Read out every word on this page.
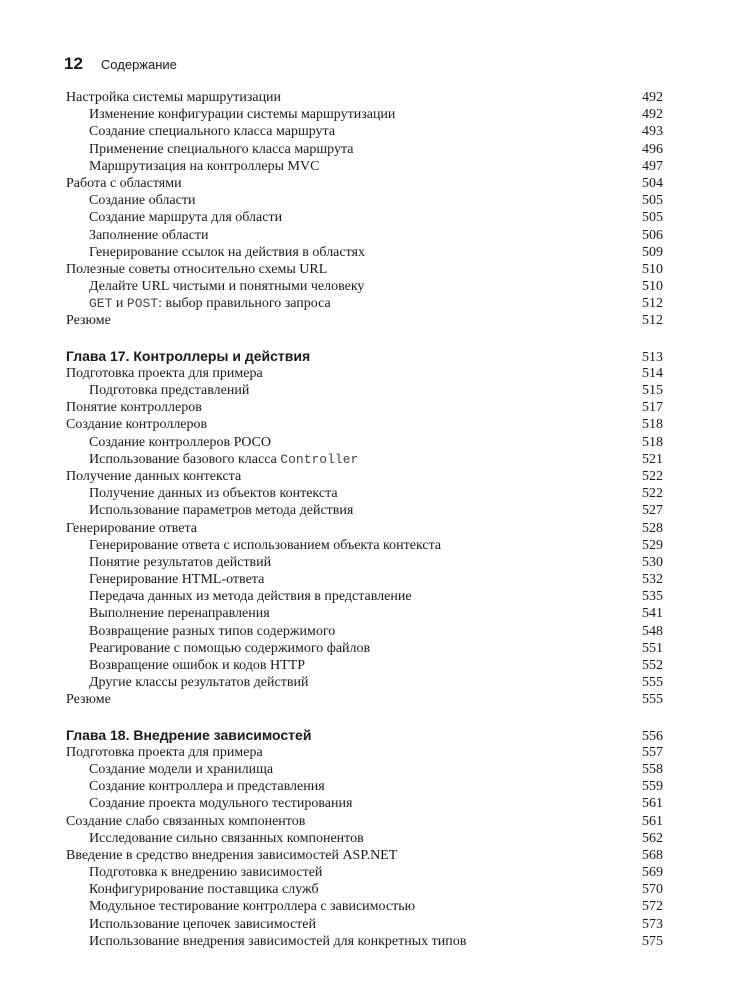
12 Содержание
Настройка системы маршрутизации	492
Изменение конфигурации системы маршрутизации	492
Создание специального класса маршрута	493
Применение специального класса маршрута	496
Маршрутизация на контроллеры MVC	497
Работа с областями	504
Создание области	505
Создание маршрута для области	505
Заполнение области	506
Генерирование ссылок на действия в областях	509
Полезные советы относительно схемы URL	510
Делайте URL чистыми и понятными человеку	510
GET и POST: выбор правильного запроса	512
Резюме	512
Глава 17. Контроллеры и действия	513
Подготовка проекта для примера	514
Подготовка представлений	515
Понятие контроллеров	517
Создание контроллеров	518
Создание контроллеров POCO	518
Использование базового класса Controller	521
Получение данных контекста	522
Получение данных из объектов контекста	522
Использование параметров метода действия	527
Генерирование ответа	528
Генерирование ответа с использованием объекта контекста	529
Понятие результатов действий	530
Генерирование HTML-ответа	532
Передача данных из метода действия в представление	535
Выполнение перенаправления	541
Возвращение разных типов содержимого	548
Реагирование с помощью содержимого файлов	551
Возвращение ошибок и кодов HTTP	552
Другие классы результатов действий	555
Резюме	555
Глава 18. Внедрение зависимостей	556
Подготовка проекта для примера	557
Создание модели и хранилища	558
Создание контроллера и представления	559
Создание проекта модульного тестирования	561
Создание слабо связанных компонентов	561
Исследование сильно связанных компонентов	562
Введение в средство внедрения зависимостей ASP.NET	568
Подготовка к внедрению зависимостей	569
Конфигурирование поставщика служб	570
Модульное тестирование контроллера с зависимостью	572
Использование цепочек зависимостей	573
Использование внедрения зависимостей для конкретных типов	575
